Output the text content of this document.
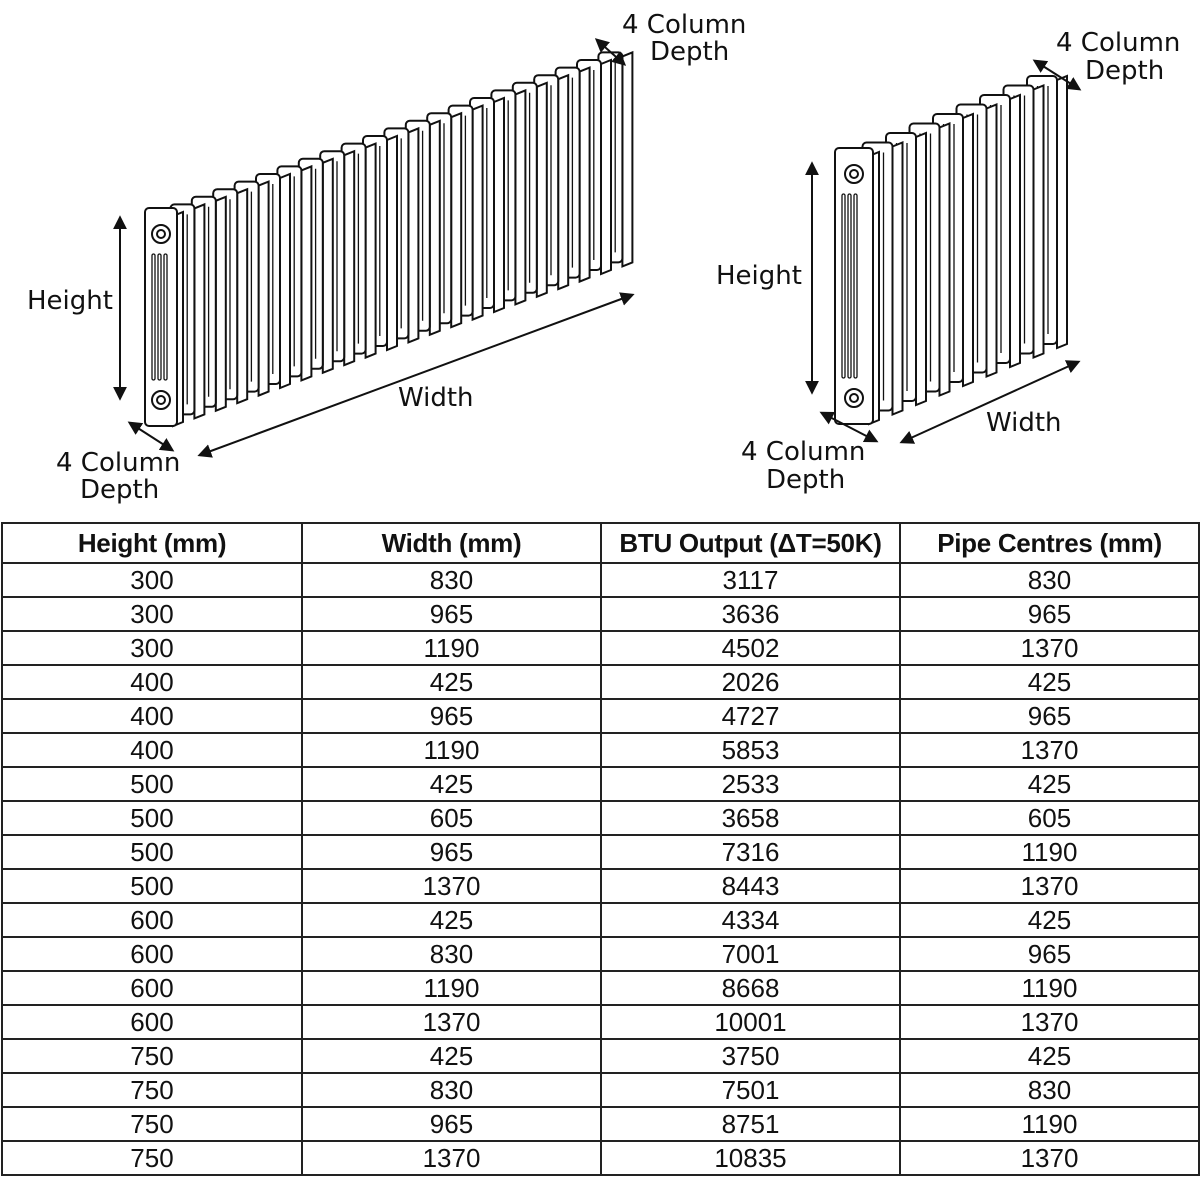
4 Column
Depth
Height
Width
4 Column
Depth
4 Column
Depth
Height
Width
4 Column
Depth
Height (mm)	Width (mm)	BTU Output (ΔT=50K)	Pipe Centres (mm)
300	830	3117	830
300	965	3636	965
300	1190	4502	1370
400	425	2026	425
400	965	4727	965
400	1190	5853	1370
500	425	2533	425
500	605	3658	605
500	965	7316	1190
500	1370	8443	1370
600	425	4334	425
600	830	7001	965
600	1190	8668	1190
600	1370	10001	1370
750	425	3750	425
750	830	7501	830
750	965	8751	1190
750	1370	10835	1370
